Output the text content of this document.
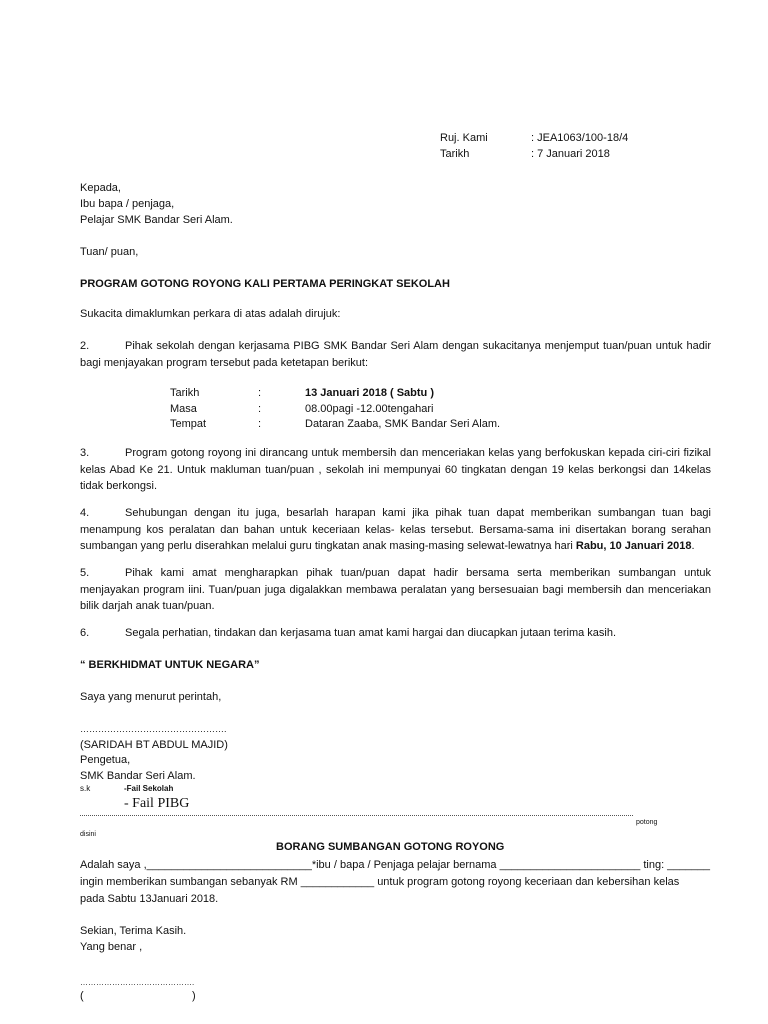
Ruj. Kami	: JEA1063/100-18/4
Tarikh	: 7 Januari 2018
Kepada,
Ibu bapa / penjaga,
Pelajar SMK Bandar Seri Alam.
Tuan/ puan,
PROGRAM GOTONG ROYONG KALI PERTAMA PERINGKAT SEKOLAH
Sukacita dimaklumkan perkara di atas adalah dirujuk:

2.	Pihak sekolah dengan kerjasama PIBG SMK Bandar Seri Alam dengan sukacitanya menjemput tuan/puan untuk hadir bagi menjayakan program tersebut pada ketetapan berikut:

Tarikh	:	13 Januari 2018 ( Sabtu )
Masa	:	08.00pagi -12.00tengahari
Tempat	:	Dataran Zaaba, SMK Bandar Seri Alam.

3.	Program gotong royong ini dirancang untuk membersih dan menceriakan kelas yang berfokuskan kepada ciri-ciri fizikal kelas Abad Ke 21. Untuk makluman tuan/puan , sekolah ini mempunyai 60 tingkatan dengan 19 kelas berkongsi dan 14kelas tidak berkongsi.

4.	Sehubungan dengan itu juga, besarlah harapan kami jika pihak tuan dapat memberikan sumbangan tuan bagi menampung kos peralatan dan bahan untuk keceriaan kelas- kelas tersebut. Bersama-sama ini disertakan borang serahan sumbangan yang perlu diserahkan melalui guru tingkatan anak masing-masing selewat-lewatnya hari Rabu, 10 Januari 2018.

5.	Pihak kami amat mengharapkan pihak tuan/puan dapat hadir bersama serta memberikan sumbangan untuk menjayakan program iini. Tuan/puan juga digalakkan membawa peralatan yang bersesuaian bagi membersih dan menceriakan bilik darjah anak tuan/puan.

6.	Segala perhatian, tindakan dan kerjasama tuan amat kami hargai dan diucapkan jutaan terima kasih.

“ BERKHIDMAT UNTUK NEGARA”
Saya yang menurut perintah,
………………………………………….
(SARIDAH BT ABDUL MAJID)
Pengetua,
SMK Bandar Seri Alam.
s.k	-Fail Sekolah
- Fail PIBG
potong
disini
BORANG SUMBANGAN GOTONG ROYONG
Adalah saya ,___________________________*ibu / bapa / Penjaga pelajar bernama _______________________ ting: _______
ingin memberikan sumbangan sebanyak RM ____________ untuk program gotong royong keceriaan dan kebersihan kelas
pada Sabtu 13Januari 2018.
Sekian, Terima Kasih.
Yang benar ,
…………………………………….
(	)
